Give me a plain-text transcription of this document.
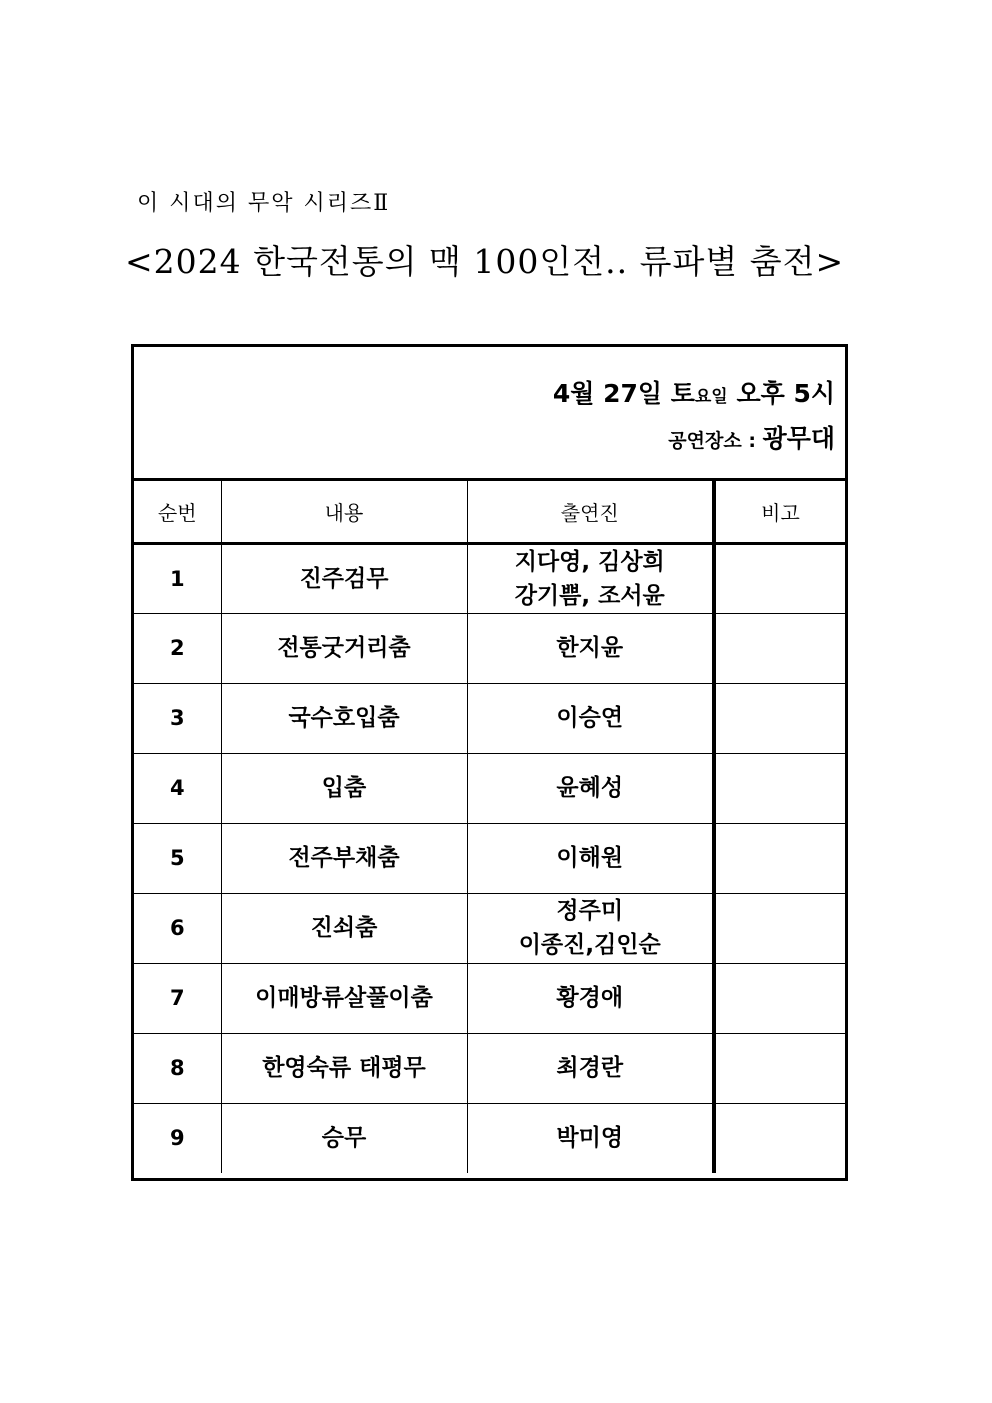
이 시대의 무악 시리즈Ⅱ
<2024 한국전통의 맥 100인전.. 류파별 춤전>
4월 27일 토요일 오후 5시
공연장소 : 광무대
순번	내용	출연진	비고
1	진주검무	지다영, 김상희
강기쁨, 조서윤	

2	전통굿거리춤	한지윤	

3	국수호입춤	이승연	

4	입춤	윤혜성	

5	전주부채춤	이해원	

6	진쇠춤	정주미
이종진,김인순	

7	이매방류살풀이춤	황경애	

8	한영숙류 태평무	최경란	

9	승무	박미영	
